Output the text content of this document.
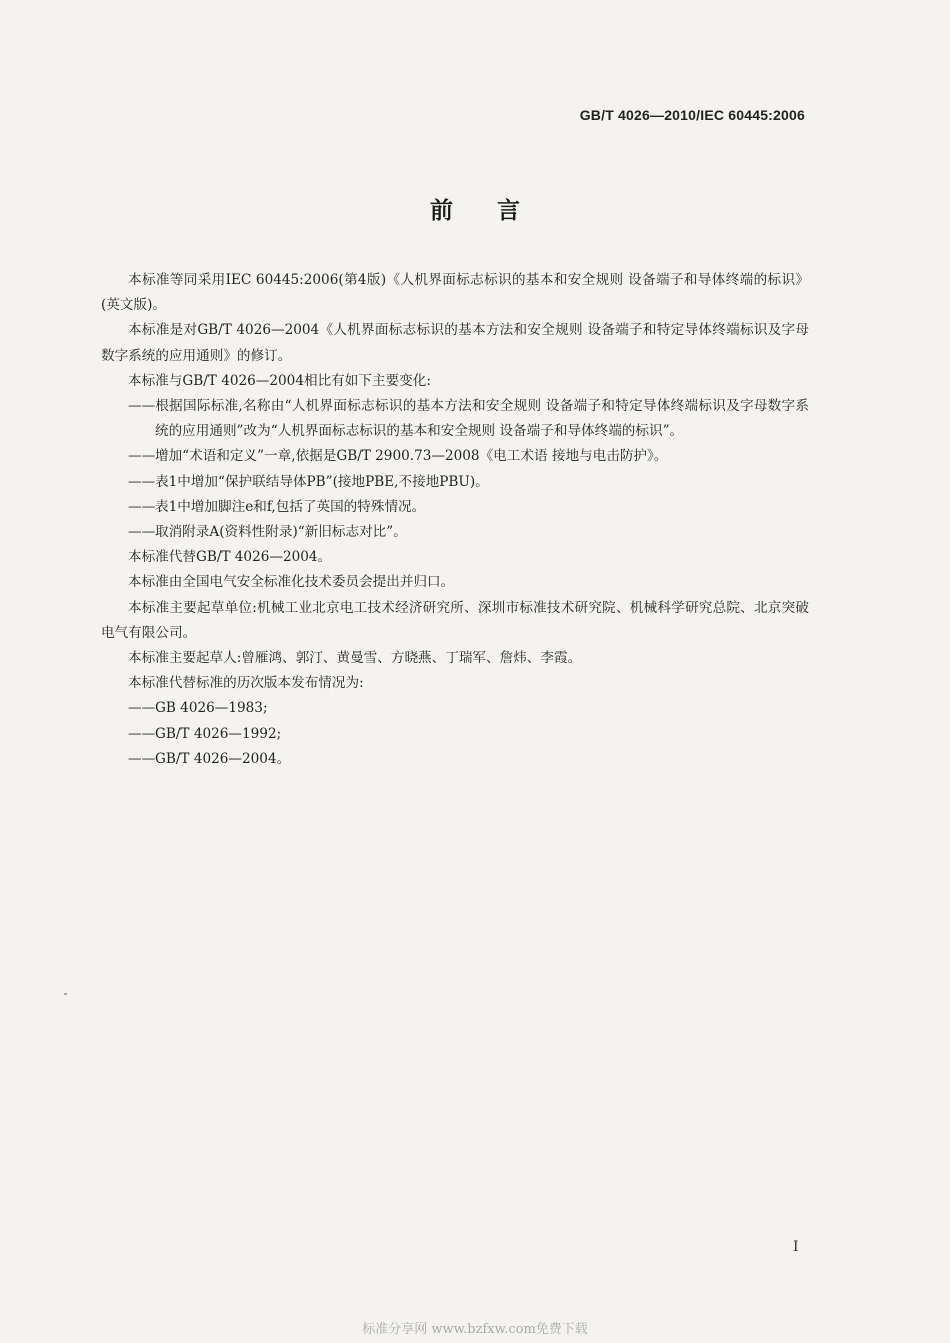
GB/T 4026—2010/IEC 60445:2006
前言

本标准等同采用IEC 60445:2006(第4版)《人机界面标志标识的基本和安全规则 设备端子和导体终端的标识》(英文版)。

本标准是对GB/T 4026—2004《人机界面标志标识的基本方法和安全规则 设备端子和特定导体终端标识及字母数字系统的应用通则》的修订。

本标准与GB/T 4026—2004相比有如下主要变化:

——根据国际标准,名称由“人机界面标志标识的基本方法和安全规则 设备端子和特定导体终端标识及字母数字系统的应用通则”改为“人机界面标志标识的基本和安全规则 设备端子和导体终端的标识”。

——增加“术语和定义”一章,依据是GB/T 2900.73—2008《电工术语 接地与电击防护》。

——表1中增加“保护联结导体PB”(接地PBE,不接地PBU)。

——表1中增加脚注e和f,包括了英国的特殊情况。

——取消附录A(资料性附录)“新旧标志对比”。

本标准代替GB/T 4026—2004。

本标准由全国电气安全标准化技术委员会提出并归口。

本标准主要起草单位:机械工业北京电工技术经济研究所、深圳市标准技术研究院、机械科学研究总院、北京突破电气有限公司。

本标准主要起草人:曾雁鸿、郭汀、黄曼雪、方晓燕、丁瑞军、詹炜、李霞。

本标准代替标准的历次版本发布情况为:

——GB 4026—1983;

——GB/T 4026—1992;

——GB/T 4026—2004。

I
标准分享网 www.bzfxw.com免费下载
